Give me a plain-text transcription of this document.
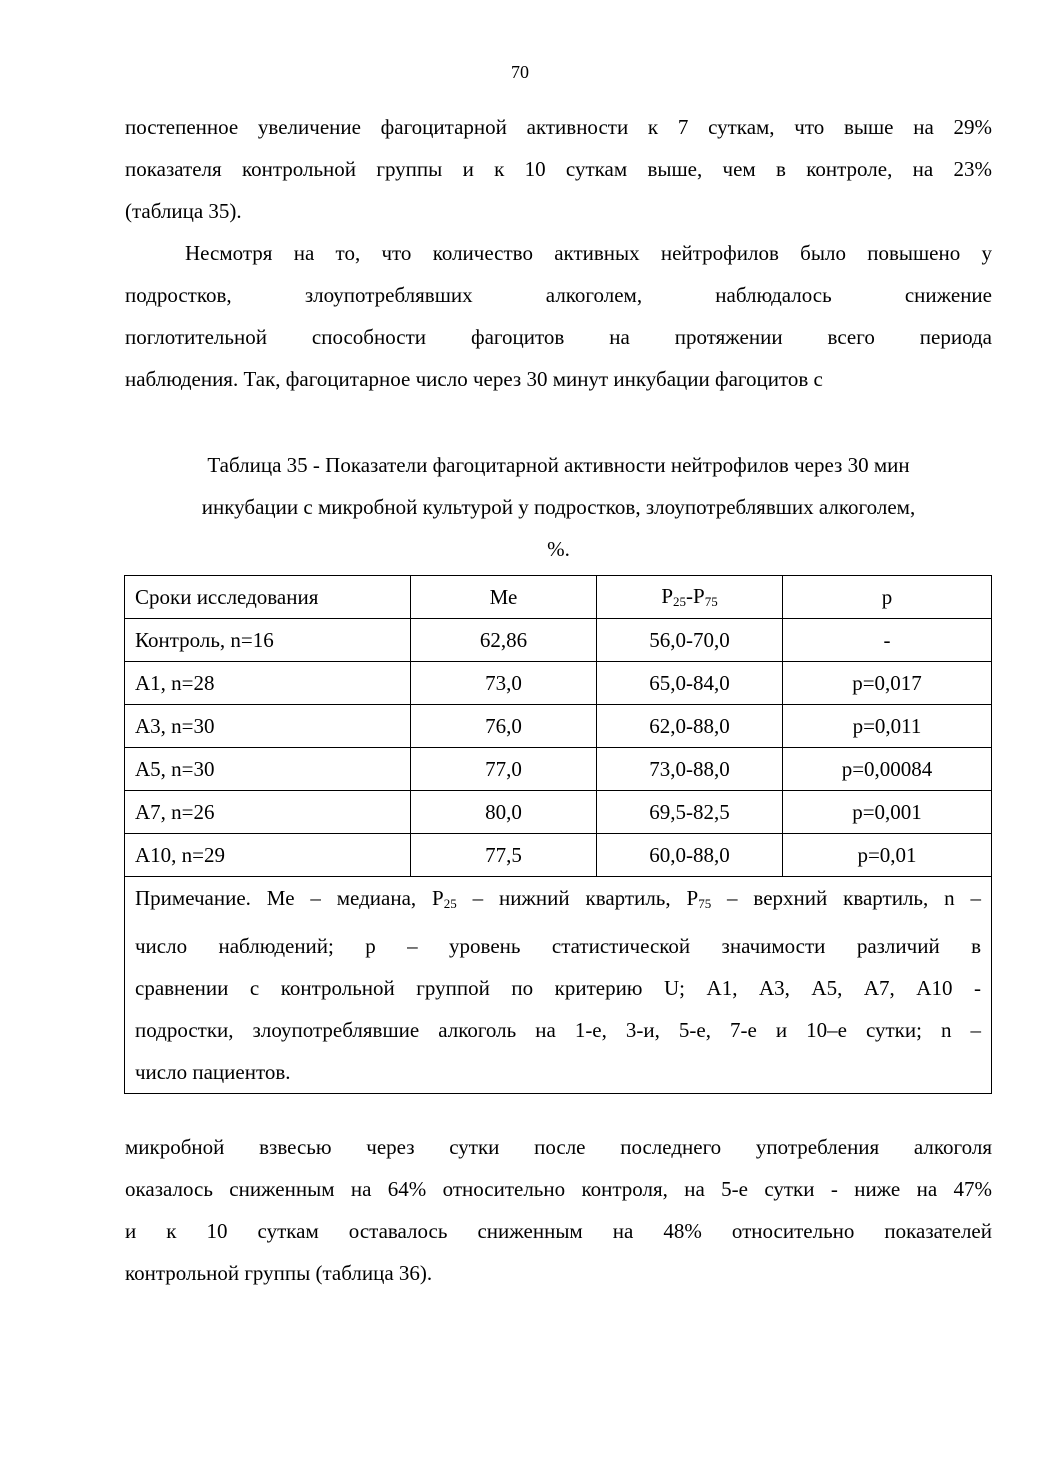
70

постепенное увеличение фагоцитарной активности к 7 суткам, что выше на 29%
показателя контрольной группы и к 10 суткам выше, чем в контроле, на 23%
(таблица 35).

Несмотря на то, что количество активных нейтрофилов было повышено у
подростков, злоупотреблявших алкоголем, наблюдалось снижение
поглотительной способности фагоцитов на протяжении всего периода
наблюдения. Так, фагоцитарное число через 30 минут инкубации фагоцитов с

Таблица 35 - Показатели фагоцитарной активности нейтрофилов через 30 мин
инкубации с микробной культурой у подростков, злоупотреблявших алкоголем,
%.
Сроки исследования	Ме	$Р_{25}-Р_{75}$	р
Контроль, n=16	62,86	56,0-70,0	-
А1, n=28	73,0	65,0-84,0	р=0,017
А3, n=30	76,0	62,0-88,0	р=0,011
А5, n=30	77,0	73,0-88,0	р=0,00084
А7, n=26	80,0	69,5-82,5	р=0,001
А10, n=29	77,5	60,0-88,0	р=0,01

Примечание. Ме – медиана, $Р_{25}$ – нижний квартиль, $Р_{75}$ – верхний квартиль, n –
число наблюдений; р – уровень статистической значимости различий в
сравнении с контрольной группой по критерию U; А1, А3, А5, А7, А10 -
подростки, злоупотреблявшие алкоголь на 1-е, 3-и, 5-е, 7-е и 10–е сутки; n –
число пациентов.			

микробной взвесью через сутки после последнего употребления алкоголя
оказалось сниженным на 64% относительно контроля, на 5-е сутки - ниже на 47%
и к 10 суткам оставалось сниженным на 48% относительно показателей
контрольной группы (таблица 36).
